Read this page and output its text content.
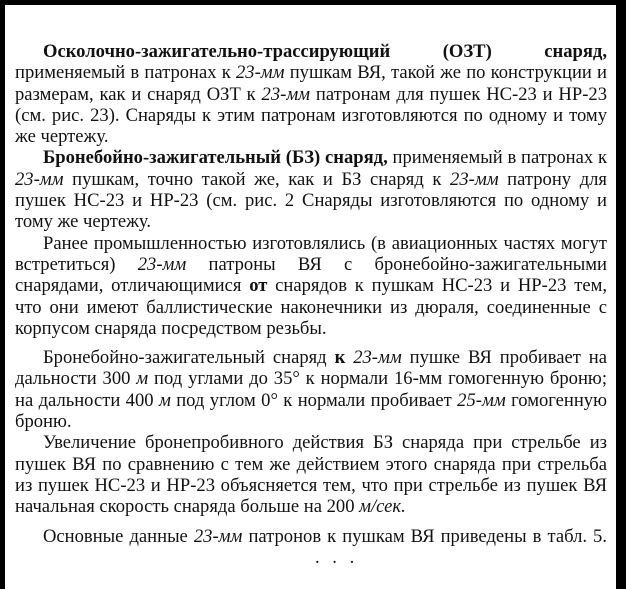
Осколочно-зажигательно-трассирующий (ОЗТ) снаряд, применяемый в патронах к 23-мм пушкам ВЯ, такой же по конструкции и размерам, как и снаряд ОЗТ к 23-мм патронам для пушек НС-23 и НР-23 (см. рис. 23). Снаряды к этим патронам изготовляются по одному и тому же чертежу.

Бронебойно-зажигательный (БЗ) снаряд, применяемый в патронах к 23-мм пушкам, точно такой же, как и БЗ снаряд к 23-мм патрону для пушек НС-23 и НР-23 (см. рис. 2 Снаряды изготовляются по одному и тому же чертежу.

Ранее промышленностью изготовлялись (в авиационных частях могут встретиться) 23-мм патроны ВЯ с бронебойно-зажигательными снарядами, отличающимися от снарядов к пушкам НС-23 и НР-23 тем, что они имеют баллистические наконечники из дюраля, соединенные с корпусом снаряда посредством резьбы.

Бронебойно-зажигательный снаряд к 23-мм пушке ВЯ пробивает на дальности 300 м под углами до 35° к нормали 16-мм гомогенную броню; на дальности 400 м под углом 0° к нормали пробивает 25-мм гомогенную броню.

Увеличение бронепробивного действия БЗ снаряда при стрельбе из пушек ВЯ по сравнению с тем же действием этого снаряда при стрельба из пушек НС-23 и НР-23 объясняется тем, что при стрельбе из пушек ВЯ начальная скорость снаряда больше на 200 м/сек.

Основные данные 23-мм патронов к пушкам ВЯ приведены в табл. 5.. . .
